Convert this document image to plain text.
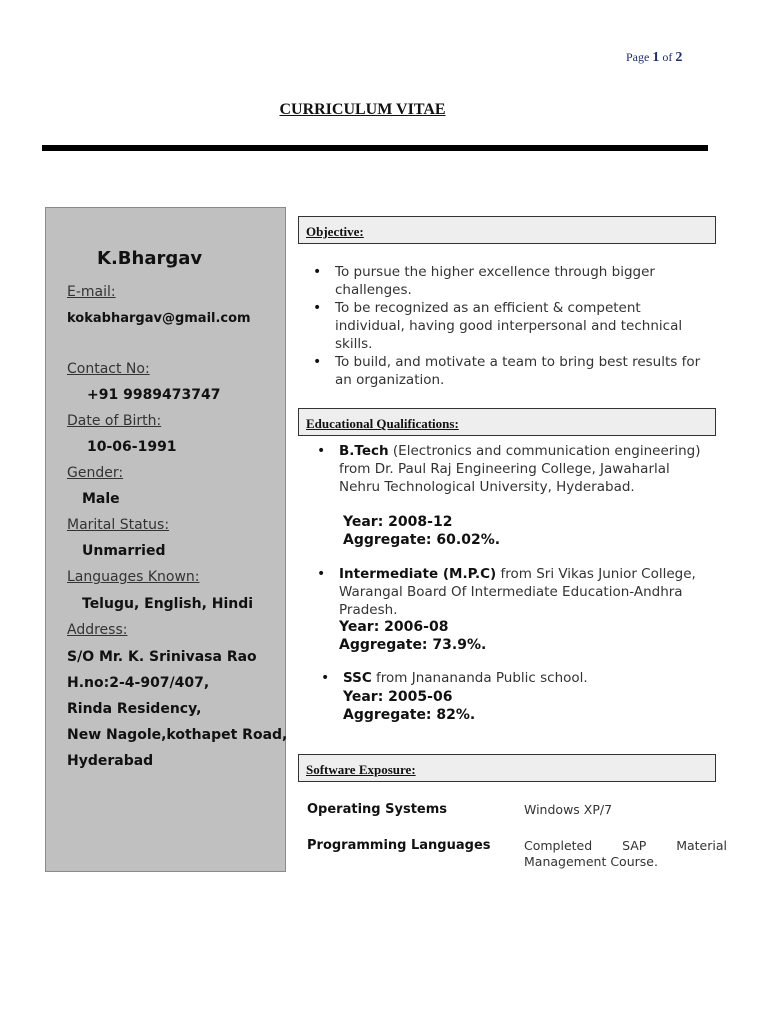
Page 1 of 2
CURRICULUM VITAE
K.Bhargav
E-mail:
kokabhargav@gmail.com
Contact No:
+91 9989473747
Date of Birth:
10-06-1991
Gender:
Male
Marital Status:
Unmarried
Languages Known:
Telugu, English, Hindi
Address:
S/O Mr. K. Srinivasa Rao
H.no:2-4-907/407,
Rinda Residency,
New Nagole,kothapet Road,
Hyderabad
Objective:
• To pursue the higher excellence through bigger challenges.
• To be recognized as an efficient & competent individual, having good interpersonal and technical skills.
• To build, and motivate a team to bring best results for an organization.
Educational Qualifications:
• B.Tech (Electronics and communication engineering) from Dr. Paul Raj Engineering College, Jawaharlal Nehru Technological University, Hyderabad.
Year: 2008-12
Aggregate: 60.02%.
• Intermediate (M.P.C) from Sri Vikas Junior College, Warangal Board Of Intermediate Education-Andhra Pradesh.
Year: 2006-08
Aggregate: 73.9%.
• SSC from Jnanananda Public school.
Year: 2005-06
Aggregate: 82%.
Software Exposure:
Operating Systems	Windows XP/7
Programming Languages	Completed SAP Material
Management Course.
